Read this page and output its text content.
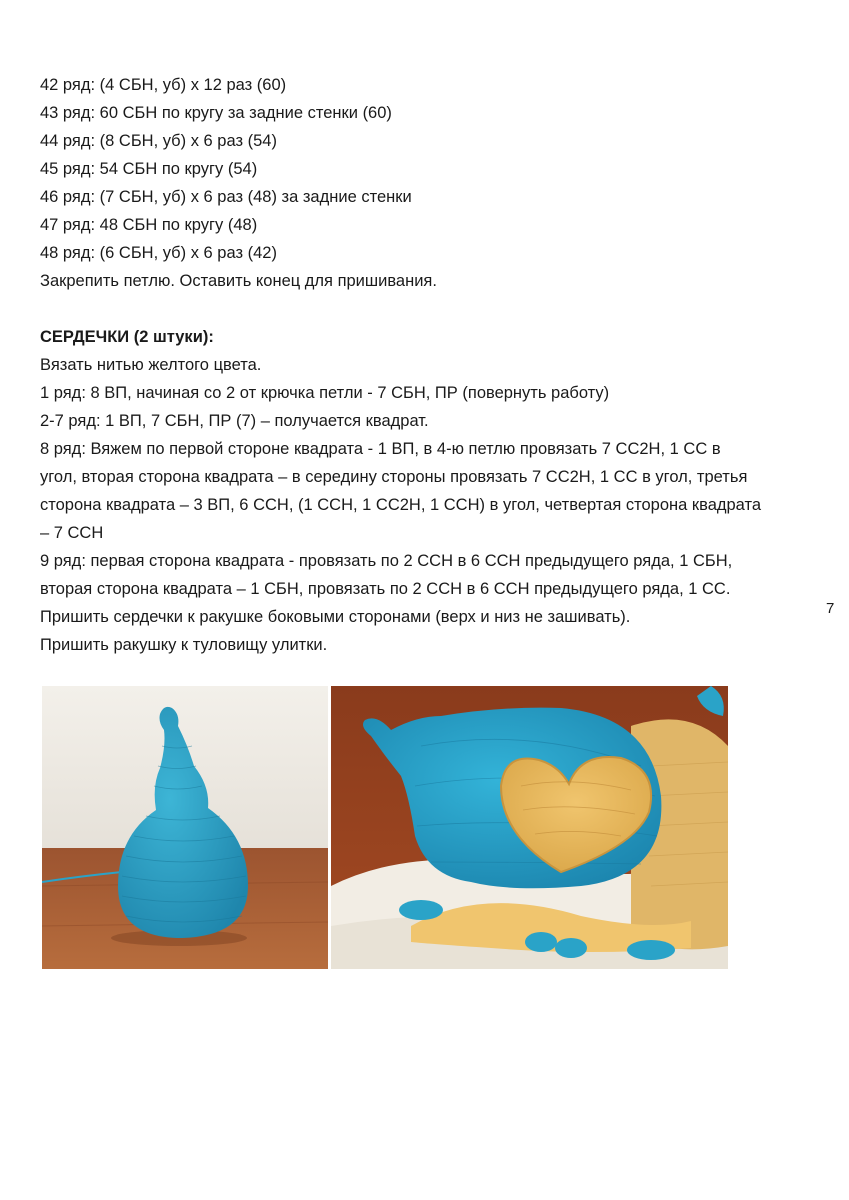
42 ряд: (4 СБН, уб) х 12 раз (60)
43 ряд: 60 СБН по кругу за задние стенки (60)
44 ряд: (8 СБН, уб) х 6 раз (54)
45 ряд: 54 СБН по кругу (54)
46 ряд: (7 СБН, уб) х 6 раз (48) за задние стенки
47 ряд: 48 СБН по кругу (48)
48 ряд: (6 СБН, уб) х 6 раз (42)
Закрепить петлю. Оставить конец для пришивания.
СЕРДЕЧКИ (2 штуки):
Вязать нитью желтого цвета.
1 ряд: 8 ВП, начиная со 2 от крючка петли - 7 СБН, ПР (повернуть работу)
2-7 ряд: 1 ВП, 7 СБН, ПР (7) – получается квадрат.
8 ряд: Вяжем по первой стороне квадрата - 1 ВП, в 4-ю петлю провязать 7 СС2Н, 1 СС в
угол, вторая сторона квадрата – в середину стороны провязать 7 СС2Н, 1 СС в угол, третья
сторона квадрата – 3 ВП, 6 ССН, (1 ССН, 1 СС2Н, 1 ССН) в угол, четвертая сторона квадрата
– 7 ССН
9 ряд: первая сторона квадрата - провязать по 2 ССН в 6 ССН предыдущего ряда, 1 СБН,
вторая сторона квадрата – 1 СБН, провязать по 2 ССН в 6 ССН предыдущего ряда, 1 СС.
Пришить сердечки к ракушке боковыми сторонами (верх и низ не зашивать).
Пришить ракушку к туловищу улитки.
7
